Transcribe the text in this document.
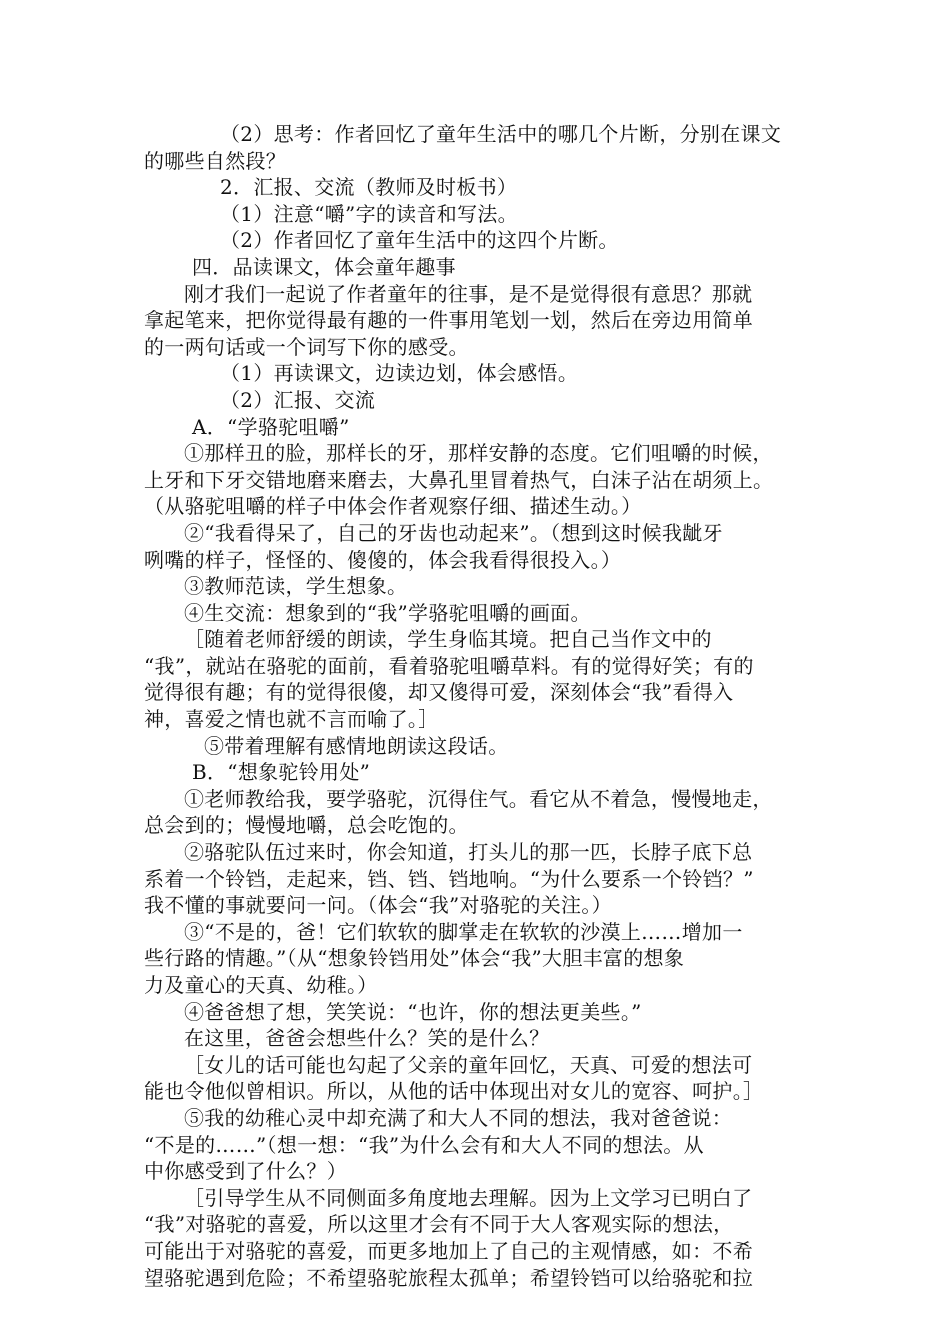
（2）思考：作者回忆了童年生活中的哪几个片断，分别在课文
的哪些自然段？
2．汇报、交流（教师及时板书）
（1）注意“嚼”字的读音和写法。
（2）作者回忆了童年生活中的这四个片断。
四．品读课文，体会童年趣事
刚才我们一起说了作者童年的往事，是不是觉得很有意思？那就
拿起笔来，把你觉得最有趣的一件事用笔划一划，然后在旁边用简单
的一两句话或一个词写下你的感受。
（1）再读课文，边读边划，体会感悟。
（2）汇报、交流
A．“学骆驼咀嚼”
①那样丑的脸，那样长的牙，那样安静的态度。它们咀嚼的时候，
上牙和下牙交错地磨来磨去，大鼻孔里冒着热气，白沫子沾在胡须上。
（从骆驼咀嚼的样子中体会作者观察仔细、描述生动。）
②“我看得呆了，自己的牙齿也动起来”。（想到这时候我龇牙
咧嘴的样子，怪怪的、傻傻的，体会我看得很投入。）
③教师范读，学生想象。
④生交流：想象到的“我”学骆驼咀嚼的画面。
［随着老师舒缓的朗读，学生身临其境。把自己当作文中的
“我”，就站在骆驼的面前，看着骆驼咀嚼草料。有的觉得好笑；有的
觉得很有趣；有的觉得很傻，却又傻得可爱，深刻体会“我”看得入
神，喜爱之情也就不言而喻了。］
⑤带着理解有感情地朗读这段话。
B．“想象驼铃用处”
①老师教给我，要学骆驼，沉得住气。看它从不着急，慢慢地走，
总会到的；慢慢地嚼，总会吃饱的。
②骆驼队伍过来时，你会知道，打头儿的那一匹，长脖子底下总
系着一个铃铛，走起来，铛、铛、铛地响。“为什么要系一个铃铛？”
我不懂的事就要问一问。（体会“我”对骆驼的关注。）
③“不是的，爸！它们软软的脚掌走在软软的沙漠上……增加一
些行路的情趣。”（从“想象铃铛用处”体会“我”大胆丰富的想象
力及童心的天真、幼稚。）
④爸爸想了想，笑笑说：“也许，你的想法更美些。”
在这里，爸爸会想些什么？笑的是什么？
［女儿的话可能也勾起了父亲的童年回忆，天真、可爱的想法可
能也令他似曾相识。所以，从他的话中体现出对女儿的宽容、呵护。］
⑤我的幼稚心灵中却充满了和大人不同的想法，我对爸爸说：
“不是的……”（想一想：“我”为什么会有和大人不同的想法。从
中你感受到了什么？）
［引导学生从不同侧面多角度地去理解。因为上文学习已明白了
“我”对骆驼的喜爱，所以这里才会有不同于大人客观实际的想法，
可能出于对骆驼的喜爱，而更多地加上了自己的主观情感，如：不希
望骆驼遇到危险；不希望骆驼旅程太孤单；希望铃铛可以给骆驼和拉
